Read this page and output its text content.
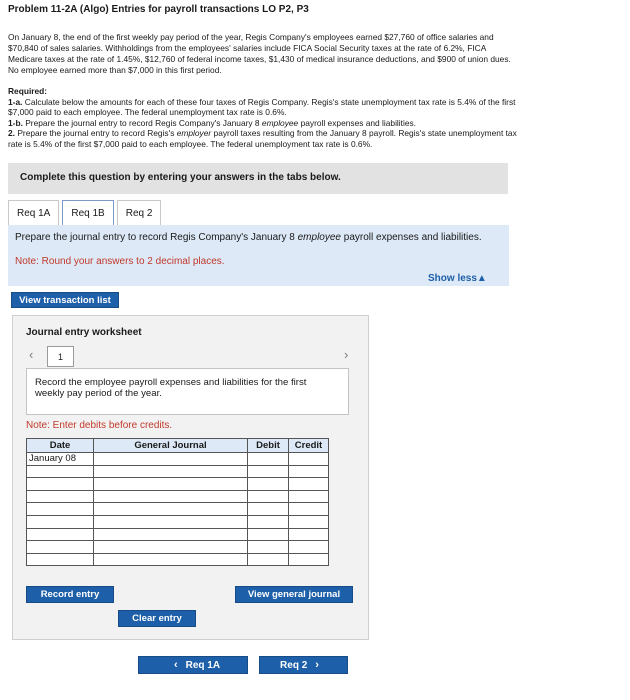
Problem 11-2A (Algo) Entries for payroll transactions LO P2, P3
On January 8, the end of the first weekly pay period of the year, Regis Company's employees earned $27,760 of office salaries and $70,840 of sales salaries. Withholdings from the employees' salaries include FICA Social Security taxes at the rate of 6.2%, FICA Medicare taxes at the rate of 1.45%, $12,760 of federal income taxes, $1,430 of medical insurance deductions, and $900 of union dues. No employee earned more than $7,000 in this first period.
Required:
1-a. Calculate below the amounts for each of these four taxes of Regis Company. Regis's state unemployment tax rate is 5.4% of the first $7,000 paid to each employee. The federal unemployment tax rate is 0.6%.
1-b. Prepare the journal entry to record Regis Company's January 8 employee payroll expenses and liabilities.
2. Prepare the journal entry to record Regis's employer payroll taxes resulting from the January 8 payroll. Regis's state unemployment tax rate is 5.4% of the first $7,000 paid to each employee. The federal unemployment tax rate is 0.6%.
Complete this question by entering your answers in the tabs below.
Req 1A	Req 1B	Req 2
Prepare the journal entry to record Regis Company's January 8 employee payroll expenses and liabilities.
Note: Round your answers to 2 decimal places.
Show less▲
View transaction list
Journal entry worksheet
‹	1	›
Record the employee payroll expenses and liabilities for the first weekly pay period of the year.
Note: Enter debits before credits.
Date	General Journal	Debit	Credit
January 08			

Record entry	View general journal
Clear entry
‹ Req 1A	Req 2 ›
